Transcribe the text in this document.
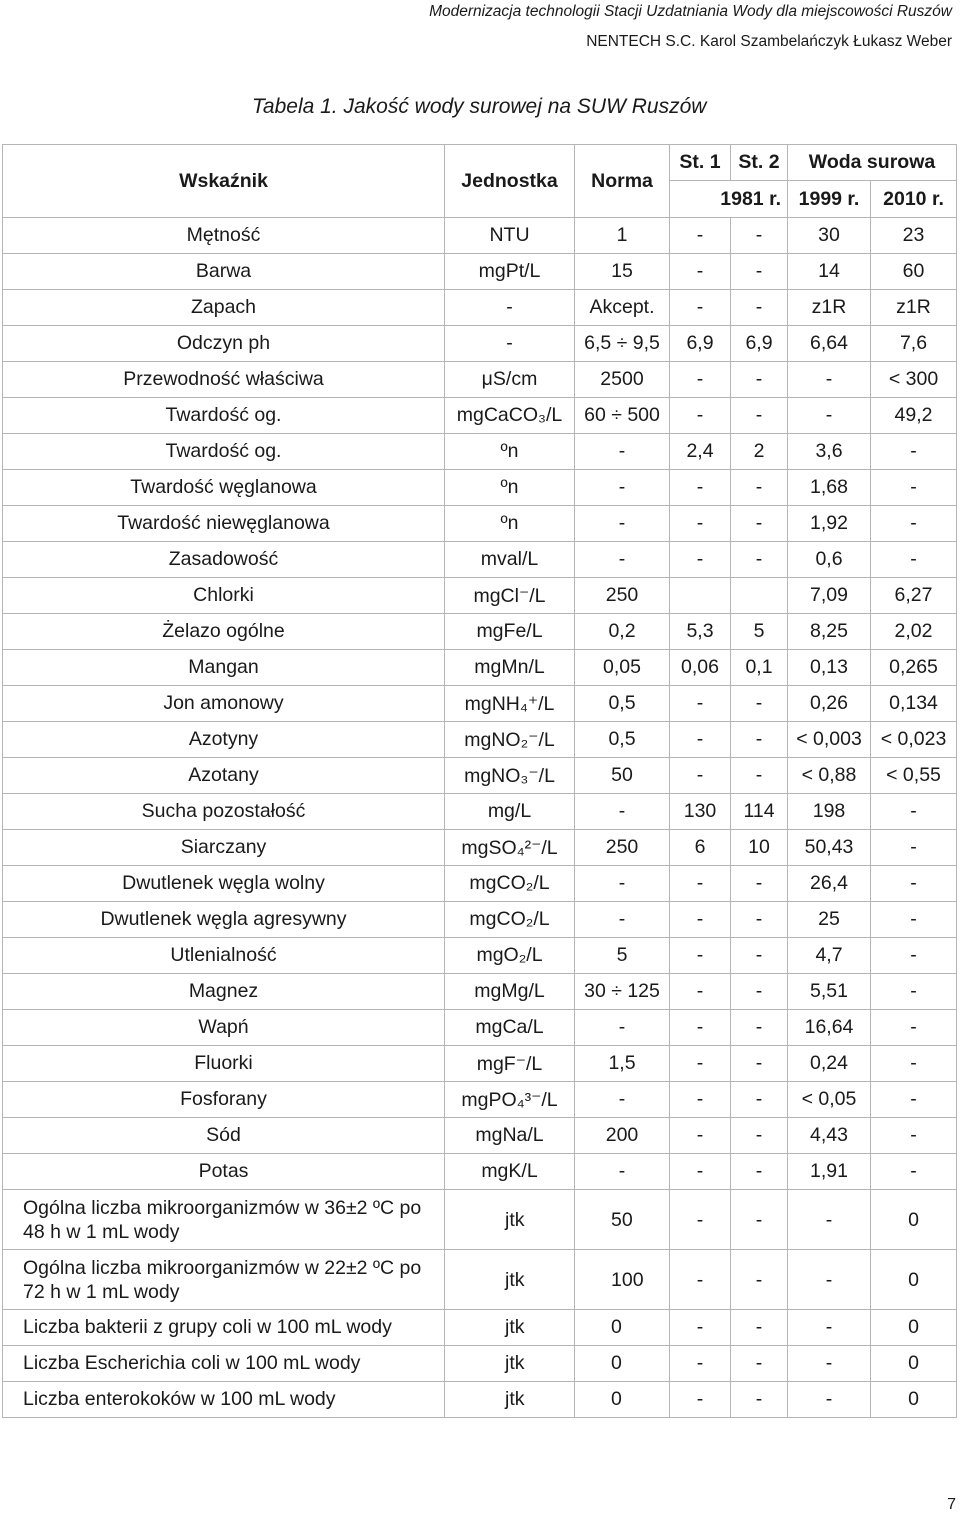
Modernizacja technologii Stacji Uzdatniania Wody dla miejscowości Ruszów
NENTECH S.C. Karol Szambelańczyk Łukasz Weber
Tabela 1. Jakość wody surowej na SUW Ruszów
Wskaźnik	Jednostka	Norma	St. 1	St. 2	Woda surowa	
			1981 r.		1999 r.	2010 r.
Mętność	NTU	1	-	-	30	23
Barwa	mgPt/L	15	-	-	14	60
Zapach	-	Akcept.	-	-	z1R	z1R
Odczyn ph	-	6,5 ÷ 9,5	6,9	6,9	6,64	7,6
Przewodność właściwa	μS/cm	2500	-	-	-	< 300
Twardość og.	mgCaCO₃/L	60 ÷ 500	-	-	-	49,2
Twardość og.	ºn	-	2,4	2	3,6	-
Twardość węglanowa	ºn	-	-	-	1,68	-
Twardość niewęglanowa	ºn	-	-	-	1,92	-
Zasadowość	mval/L	-	-	-	0,6	-
Chlorki	mgCl⁻/L	250			7,09	6,27
Żelazo ogólne	mgFe/L	0,2	5,3	5	8,25	2,02
Mangan	mgMn/L	0,05	0,06	0,1	0,13	0,265
Jon amonowy	mgNH₄⁺/L	0,5	-	-	0,26	0,134
Azotyny	mgNO₂⁻/L	0,5	-	-	< 0,003	< 0,023
Azotany	mgNO₃⁻/L	50	-	-	< 0,88	< 0,55
Sucha pozostałość	mg/L	-	130	114	198	-
Siarczany	mgSO₄²⁻/L	250	6	10	50,43	-
Dwutlenek węgla wolny	mgCO₂/L	-	-	-	26,4	-
Dwutlenek węgla agresywny	mgCO₂/L	-	-	-	25	-
Utlenialność	mgO₂/L	5	-	-	4,7	-
Magnez	mgMg/L	30 ÷ 125	-	-	5,51	-
Wapń	mgCa/L	-	-	-	16,64	-
Fluorki	mgF⁻/L	1,5	-	-	0,24	-
Fosforany	mgPO₄³⁻/L	-	-	-	< 0,05	-
Sód	mgNa/L	200	-	-	4,43	-
Potas	mgK/L	-	-	-	1,91	-
Ogólna liczba mikroorganizmów w 36±2 ºC po 48 h w 1 mL wody	jtk	50	-	-	-	0
Ogólna liczba mikroorganizmów w 22±2 ºC po 72 h w 1 mL wody	jtk	100	-	-	-	0
Liczba bakterii z grupy coli w 100 mL wody	jtk	0	-	-	-	0
Liczba Escherichia coli w 100 mL wody	jtk	0	-	-	-	0
Liczba enterokoków w 100 mL wody	jtk	0	-	-	-	0
7
